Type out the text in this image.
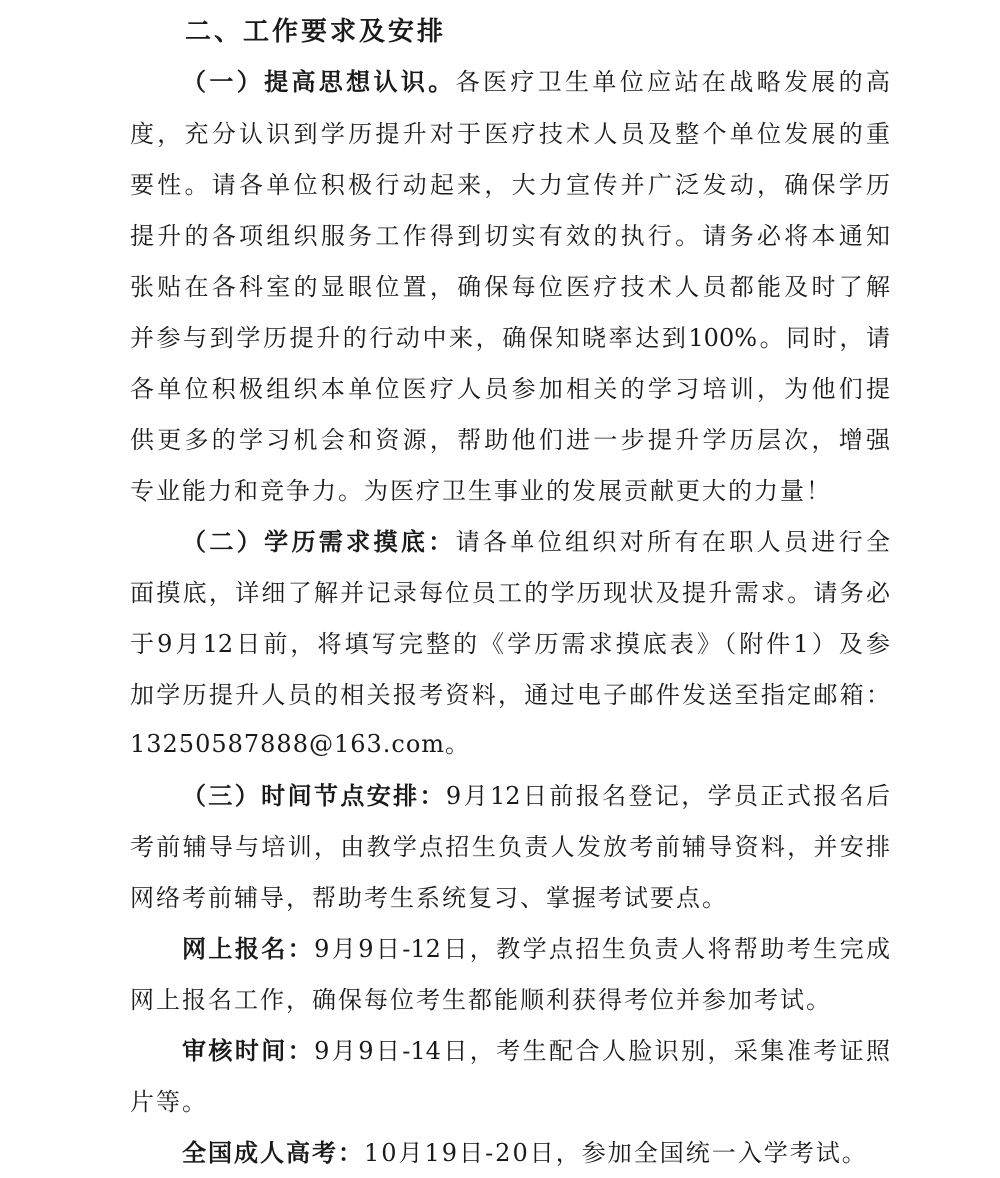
二、工作要求及安排
（一）提高思想认识。各医疗卫生单位应站在战略发展的高
度，充分认识到学历提升对于医疗技术人员及整个单位发展的重
要性。请各单位积极行动起来，大力宣传并广泛发动，确保学历
提升的各项组织服务工作得到切实有效的执行。请务必将本通知
张贴在各科室的显眼位置，确保每位医疗技术人员都能及时了解
并参与到学历提升的行动中来，确保知晓率达到100%。同时，请
各单位积极组织本单位医疗人员参加相关的学习培训，为他们提
供更多的学习机会和资源，帮助他们进一步提升学历层次，增强
专业能力和竞争力。为医疗卫生事业的发展贡献更大的力量！
（二）学历需求摸底：请各单位组织对所有在职人员进行全
面摸底，详细了解并记录每位员工的学历现状及提升需求。请务必
于9月12日前，将填写完整的《学历需求摸底表》（附件1）及参
加学历提升人员的相关报考资料，通过电子邮件发送至指定邮箱：
13250587888@163.com。
（三）时间节点安排：9月12日前报名登记，学员正式报名后
考前辅导与培训，由教学点招生负责人发放考前辅导资料，并安排
网络考前辅导，帮助考生系统复习、掌握考试要点。
网上报名：9月9日-12日，教学点招生负责人将帮助考生完成
网上报名工作，确保每位考生都能顺利获得考位并参加考试。
审核时间：9月9日-14日，考生配合人脸识别，采集准考证照
片等。
全国成人高考：10月19日-20日，参加全国统一入学考试。
